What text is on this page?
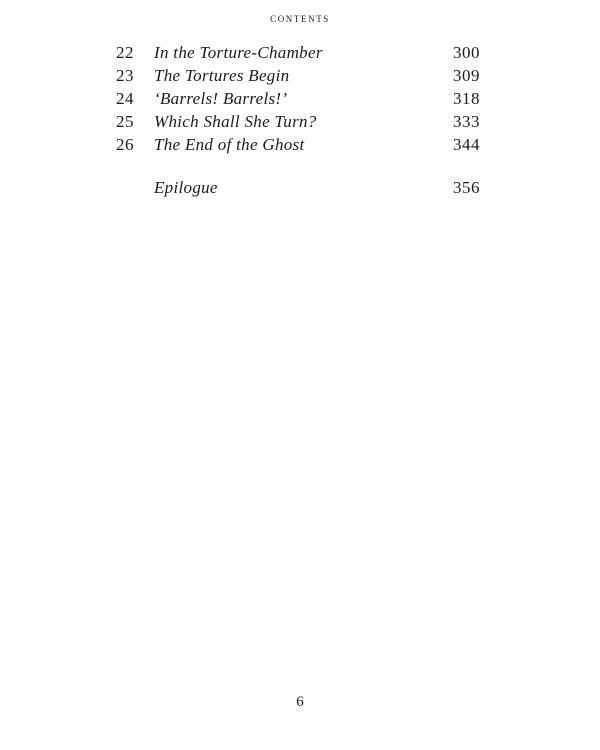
contents
22	In the Torture-Chamber	300
23	The Tortures Begin	309
24	‘Barrels! Barrels!’	318
25	Which Shall She Turn?	333
26	The End of the Ghost	344
Epilogue	356
6
